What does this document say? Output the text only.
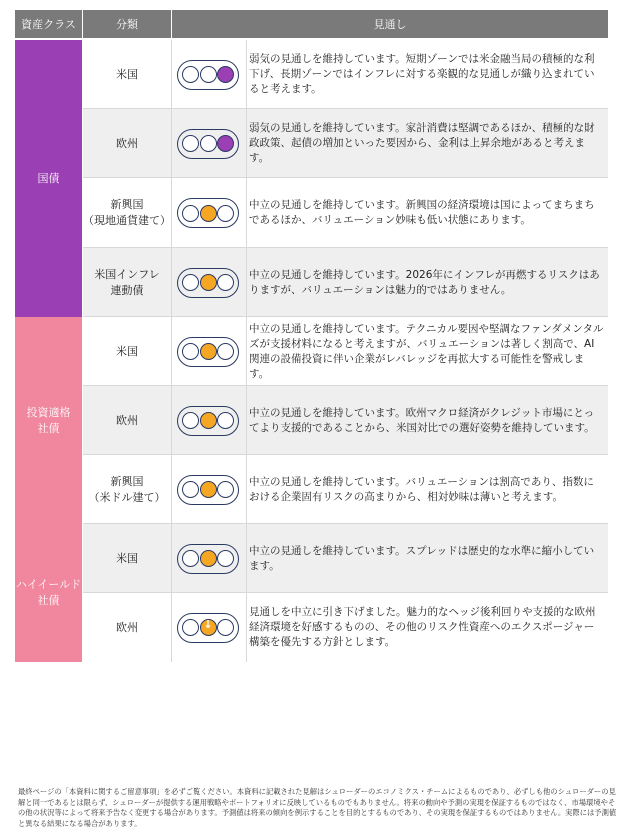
資産クラス	分類	見通し
国債
投資適格
社債
ハイイールド
社債
米国
弱気の見通しを維持しています。短期ゾーンでは米金融当局の積極的な利下げ、長期ゾーンではインフレに対する楽観的な見通しが織り込まれていると考えます。
欧州
弱気の見通しを維持しています。家計消費は堅調であるほか、積極的な財政政策、起債の増加といった要因から、金利は上昇余地があると考えます。
新興国
（現地通貨建て）
中立の見通しを維持しています。新興国の経済環境は国によってまちまちであるほか、バリュエーション妙味も低い状態にあります。
米国インフレ
連動債
中立の見通しを維持しています。2026年にインフレが再燃するリスクはありますが、バリュエーションは魅力的ではありません。
米国
中立の見通しを維持しています。テクニカル要因や堅調なファンダメンタルズが支援材料になると考えますが、バリュエーションは著しく割高で、AI関連の設備投資に伴い企業がレバレッジを再拡大する可能性を警戒します。
欧州
中立の見通しを維持しています。欧州マクロ経済がクレジット市場にとってより支援的であることから、米国対比での選好姿勢を維持しています。
新興国
（米ドル建て）
中立の見通しを維持しています。バリュエーションは割高であり、指数における企業固有リスクの高まりから、相対妙味は薄いと考えます。
米国
中立の見通しを維持しています。スプレッドは歴史的な水準に縮小しています。
欧州
↓
見通しを中立に引き下げました。魅力的なヘッジ後利回りや支援的な欧州経済環境を好感するものの、その他のリスク性資産へのエクスポージャー構築を優先する方針とします。
最終ページの「本資料に関するご留意事項」を必ずご覧ください。本資料に記載された見解はシュローダーのエコノミクス・チームによるものであり、必ずしも他のシュローダーの見解と同一であるとは限らず、シュローダーが提供する運用戦略やポートフォリオに反映しているものでもありません。将来の動向や予測の実現を保証するものではなく、市場環境やその他の状況等によって将来予告なく変更する場合があります。予測値は将来の傾向を例示することを目的とするものであり、その実現を保証するものではありません。実際には予測値と異なる結果になる場合があります。
